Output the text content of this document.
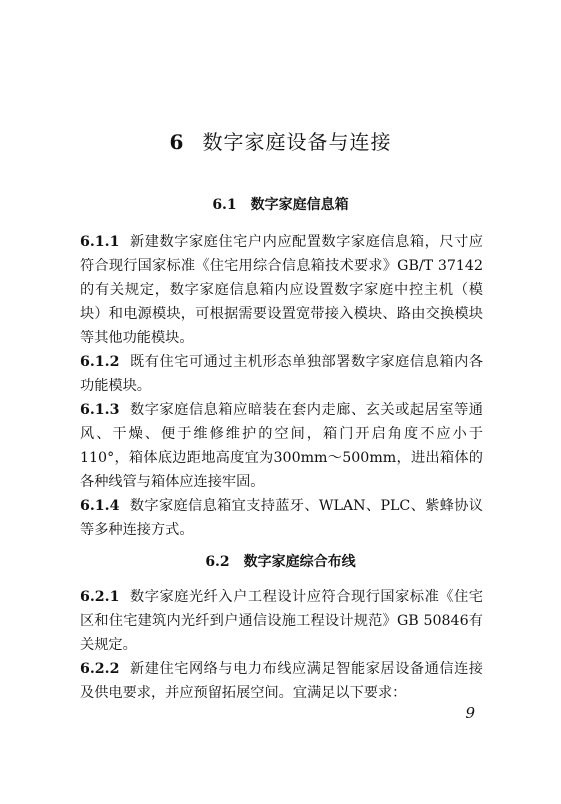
6 数字家庭设备与连接
6.1 数字家庭信息箱
6.1.1 新建数字家庭住宅户内应配置数字家庭信息箱，尺寸应符合现行国家标准《住宅用综合信息箱技术要求》GB/T 37142的有关规定，数字家庭信息箱内应设置数字家庭中控主机（模块）和电源模块，可根据需要设置宽带接入模块、路由交换模块等其他功能模块。
6.1.2 既有住宅可通过主机形态单独部署数字家庭信息箱内各功能模块。
6.1.3 数字家庭信息箱应暗装在套内走廊、玄关或起居室等通风、干燥、便于维修维护的空间，箱门开启角度不应小于110°，箱体底边距地高度宜为300mm～500mm，进出箱体的各种线管与箱体应连接牢固。
6.1.4 数字家庭信息箱宜支持蓝牙、WLAN、PLC、紫蜂协议等多种连接方式。
6.2 数字家庭综合布线
6.2.1 数字家庭光纤入户工程设计应符合现行国家标准《住宅区和住宅建筑内光纤到户通信设施工程设计规范》GB 50846有关规定。
6.2.2 新建住宅网络与电力布线应满足智能家居设备通信连接及供电要求，并应预留拓展空间。宜满足以下要求：
9
